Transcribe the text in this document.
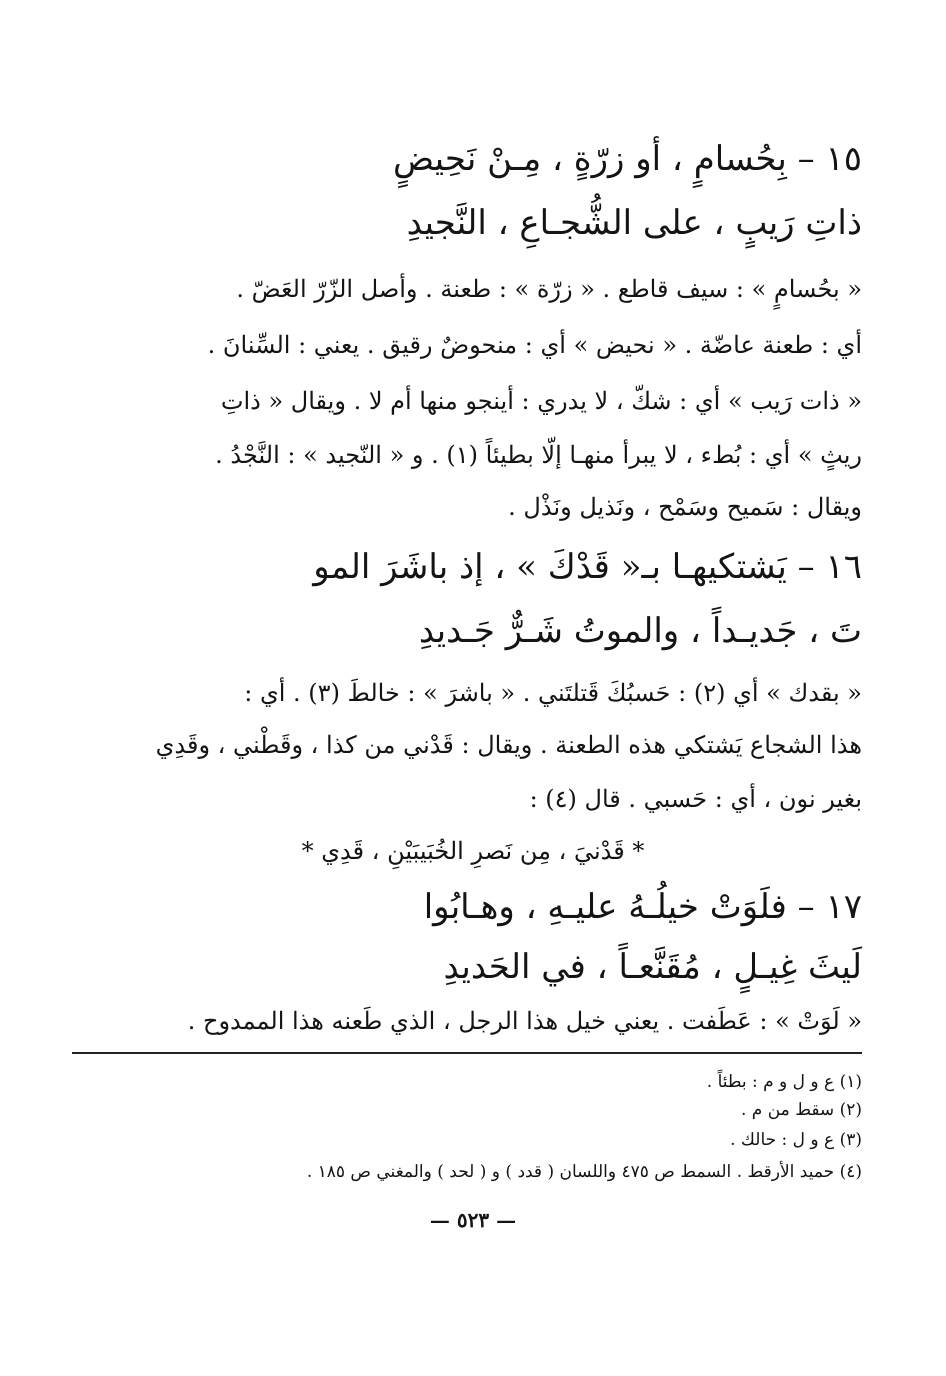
١٥ – بِحُسامٍ ، أو زرّةٍ ، مِـنْ نَحِيضٍ
ذاتِ رَيبٍ ، على الشُّجـاعِ ، النَّجيدِ
« بحُسامٍ » : سيف قاطع . « زرّة » : طعنة . وأصل الزّرّ العَضّ .
أي : طعنة عاضّة . « نحيض » أي : منحوضٌ رقيق . يعني : السِّنانَ .
« ذات رَيب » أي : شكّ ، لا يدري : أينجو منها أم لا . ويقال « ذاتِ
ريثٍ » أي : بُطء ، لا يبرأ منهـا إلّا بطيئاً (١) . و « النّجيد » : النَّجْدُ .
ويقال : سَميح وسَمْح ، ونَذيل ونَذْل .
١٦ – يَشتكيهـا بـ« قَدْكَ » ، إذ باشَرَ المو
تَ ، جَديـداً ، والموتُ شَـرٌّ جَـديدِ
« بقدك » أي (٢) : حَسبُكَ قَتلتَني . « باشرَ » : خالطَ (٣) . أي :
هذا الشجاع يَشتكي هذه الطعنة . ويقال : قَدْني من كذا ، وقَطْني ، وقَدِي
بغير نون ، أي : حَسبي . قال (٤) :
* قَدْنيَ ، مِن نَصرِ الخُبَيبَيْنِ ، قَدِي *
١٧ – فلَوَتْ خيلُـهُ عليـهِ ، وهـابُوا
لَيثَ غِيـلٍ ، مُقَنَّعـاً ، في الحَديدِ
« لَوَتْ » : عَطَفت . يعني خيل هذا الرجل ، الذي طَعنه هذا الممدوح .
(١) ع و ل و م : بطئاً .
(٢) سقط من م .
(٣) ع و ل : حالك .
(٤) حميد الأرقط . السمط ص ٤٧٥ واللسان ( قدد ) و ( لحد ) والمغني ص ١٨٥ .
— ٥٢٣ —
